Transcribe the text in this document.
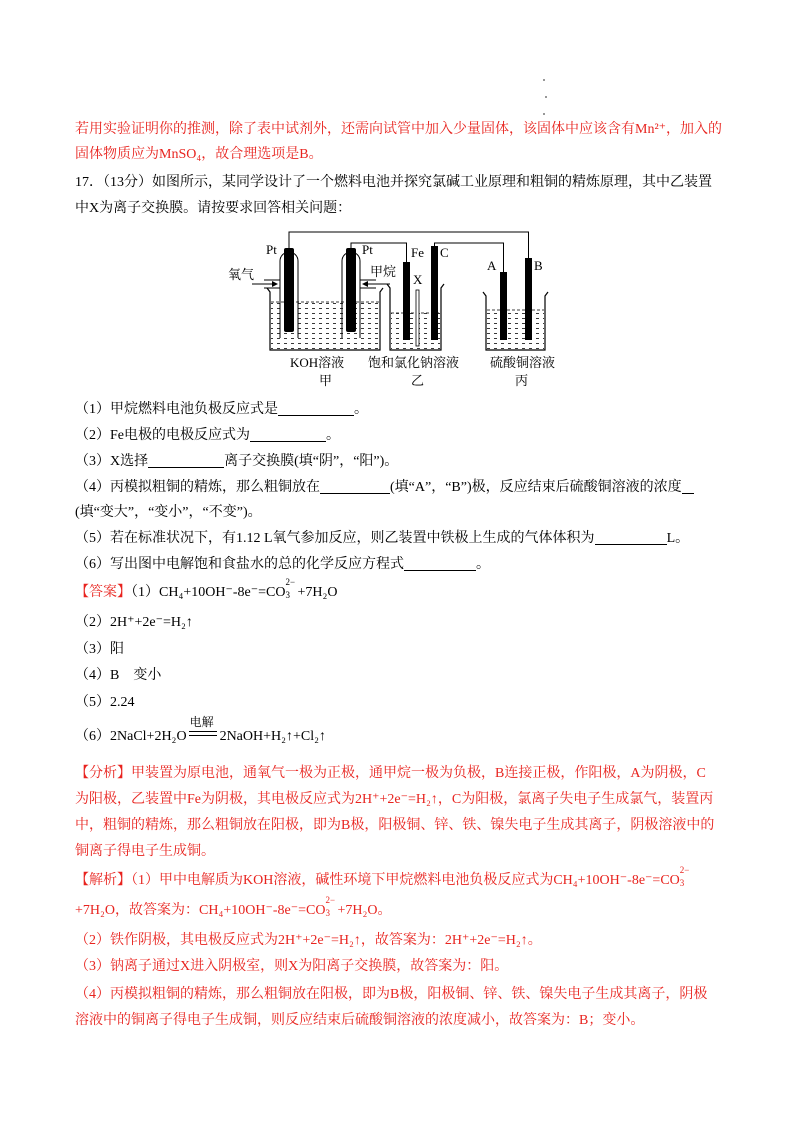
若用实验证明你的推测，除了表中试剂外，还需向试管中加入少量固体，该固体中应该含有Mn²⁺，加入的
固体物质应为MnSO₄，故合理选项是B。
17．（13分）如图所示，某同学设计了一个燃料电池并探究氯碱工业原理和粗铜的精炼原理，其中乙装置
中X为离子交换膜。请按要求回答相关问题：
Pt	Pt	Fe C
X
A	B
氧气	甲烷
KOH溶液
甲
饱和氯化钠溶液
乙
硫酸铜溶液
丙
（1）甲烷燃料电池负极反应式是	。
（2）Fe电极的电极反应式为	。
（3）X选择	离子交换膜(填“阴”，“阳”)。
（4）丙模拟粗铜的精炼，那么粗铜放在	(填“A”，“B”)极，反应结束后硫酸铜溶液的浓度
(填“变大”，“变小”，“不变”)。
（5）若在标准状况下，有1.12 L氧气参加反应，则乙装置中铁极上生成的气体体积为	L。
（6）写出图中电解饱和食盐水的总的化学反应方程式	。
【答案】（1）CH₄+10OH⁻-8e⁻=CO
2−
3 +7H₂O
（2）2H⁺+2e⁻=H₂↑
（3）阳
（4）B　变小
（5）2.24
（6）2NaCl+2H₂O
电解
2NaOH+H₂↑+Cl₂↑
【分析】甲装置为原电池，通氧气一极为正极，通甲烷一极为负极，B连接正极，作阳极，A为阴极，C
为阳极，乙装置中Fe为阴极，其电极反应式为2H⁺+2e⁻=H₂↑，C为阳极，氯离子失电子生成氯气，装置丙
中，粗铜的精炼，那么粗铜放在阳极，即为B极，阳极铜、锌、铁、镍失电子生成其离子，阴极溶液中的
铜离子得电子生成铜。
【解析】（1）甲中电解质为KOH溶液，碱性环境下甲烷燃料电池负极反应式为CH₄+10OH⁻-8e⁻=CO
2−
3
+7H₂O，故答案为：CH₄+10OH⁻-8e⁻=CO
2−
3 +7H₂O。
（2）铁作阴极，其电极反应式为2H⁺+2e⁻=H₂↑，故答案为：2H⁺+2e⁻=H₂↑。
（3）钠离子通过X进入阴极室，则X为阳离子交换膜，故答案为：阳。
（4）丙模拟粗铜的精炼，那么粗铜放在阳极，即为B极，阳极铜、锌、铁、镍失电子生成其离子，阴极
溶液中的铜离子得电子生成铜，则反应结束后硫酸铜溶液的浓度减小，故答案为：B；变小。
